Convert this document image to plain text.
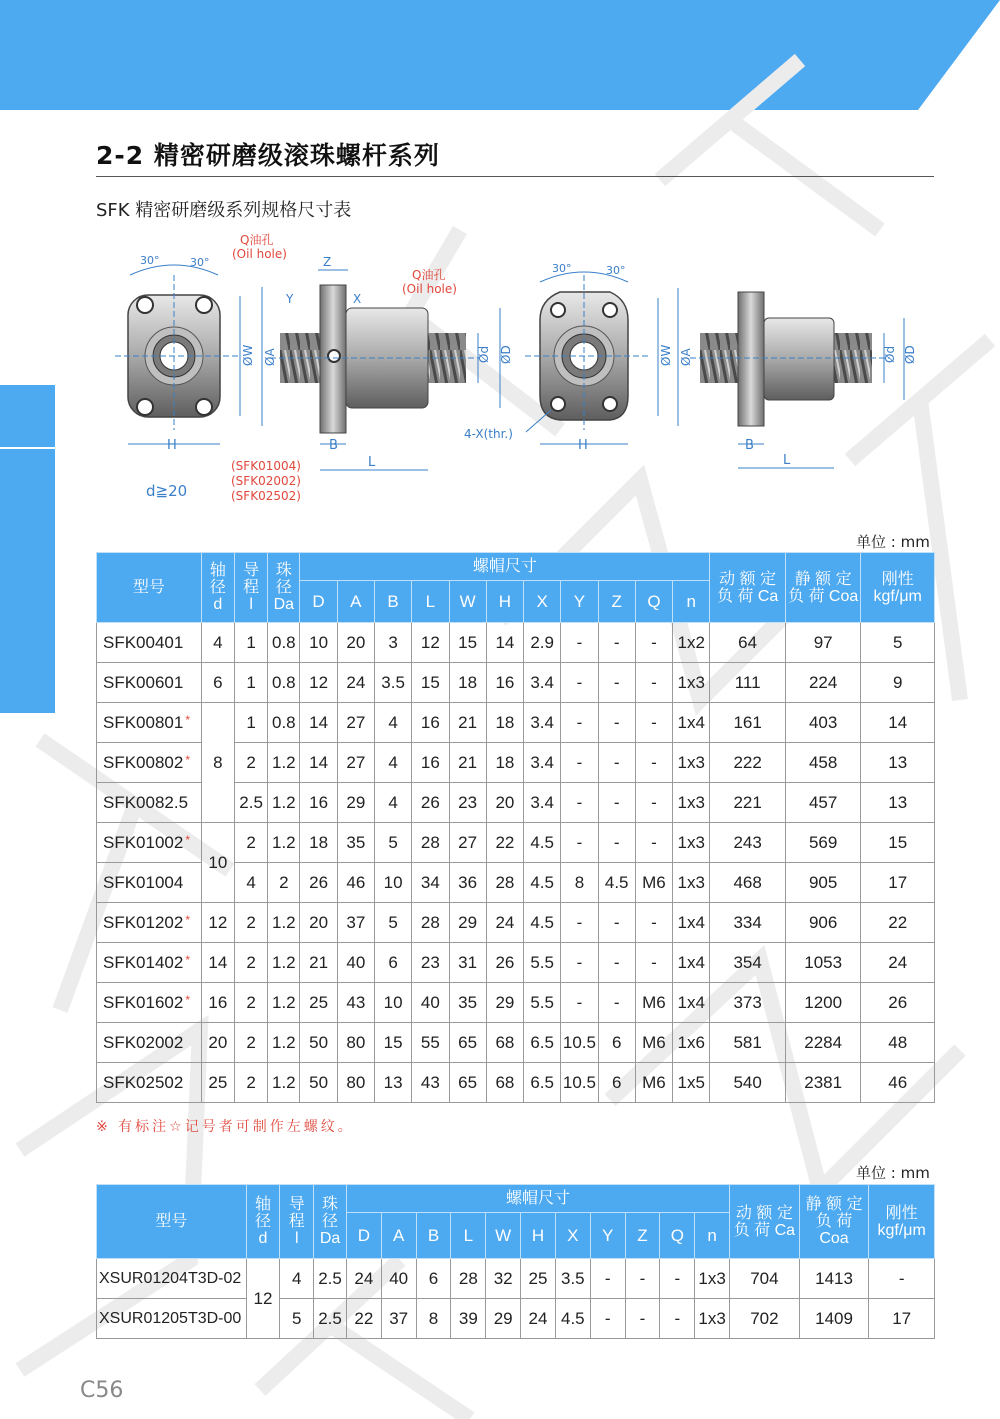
2-2 精密研磨级滚珠螺杆系列
SFK 精密研磨级系列规格尺寸表
30°	30°
H
ØW ØA
Q油孔
(Oil hole)
d≧20
Z
Y	X
B
L
Ød ØD
Q油孔
(Oil hole)
(SFK01004)
(SFK02002)
(SFK02502)
30°	30°
H
4-X(thr.)
ØW ØA
B
L
Ød ØD
单位 : mm
型号	轴
径
d	导
程
l	珠
径
Da	螺帽尺寸											动 额 定
负 荷 Ca	静 额 定
负 荷 Coa	刚性
kgf/μm
				D	A	B	L	W	H	X	Y	Z	Q	n			
SFK00401	4	1	0.8	10	20	3	12	15	14	2.9	-	-	-	1x2	64	97	5
SFK00601	6	1	0.8	12	24	3.5	15	18	16	3.4	-	-	-	1x3	111	224	9
SFK00801 *	8	1	0.8	14	27	4	16	21	18	3.4	-	-	-	1x4	161	403	14
SFK00802 *		2	1.2	14	27	4	16	21	18	3.4	-	-	-	1x3	222	458	13
SFK0082.5		2.5	1.2	16	29	4	26	23	20	3.4	-	-	-	1x3	221	457	13
SFK01002 *	10	2	1.2	18	35	5	28	27	22	4.5	-	-	-	1x3	243	569	15
SFK01004		4	2	26	46	10	34	36	28	4.5	8	4.5	M6	1x3	468	905	17
SFK01202 *	12	2	1.2	20	37	5	28	29	24	4.5	-	-	-	1x4	334	906	22
SFK01402 *	14	2	1.2	21	40	6	23	31	26	5.5	-	-	-	1x4	354	1053	24
SFK01602 *	16	2	1.2	25	43	10	40	35	29	5.5	-	-	M6	1x4	373	1200	26
SFK02002	20	2	1.2	50	80	15	55	65	68	6.5	10.5	6	M6	1x6	581	2284	48
SFK02502	25	2	1.2	50	80	13	43	65	68	6.5	10.5	6	M6	1x5	540	2381	46
※ 有标注☆记号者可制作左螺纹。
单位 : mm
型号	轴
径
d	导
程
l	珠
径
Da	螺帽尺寸											动 额 定
负 荷 Ca	静 额 定
负 荷
Coa	刚性
kgf/μm
				D	A	B	L	W	H	X	Y	Z	Q	n			
XSUR01204T3D-02	12	4	2.5	24	40	6	28	32	25	3.5	-	-	-	1x3	704	1413	-
XSUR01205T3D-00		5	2.5	22	37	8	39	29	24	4.5	-	-	-	1x3	702	1409	17
C56
